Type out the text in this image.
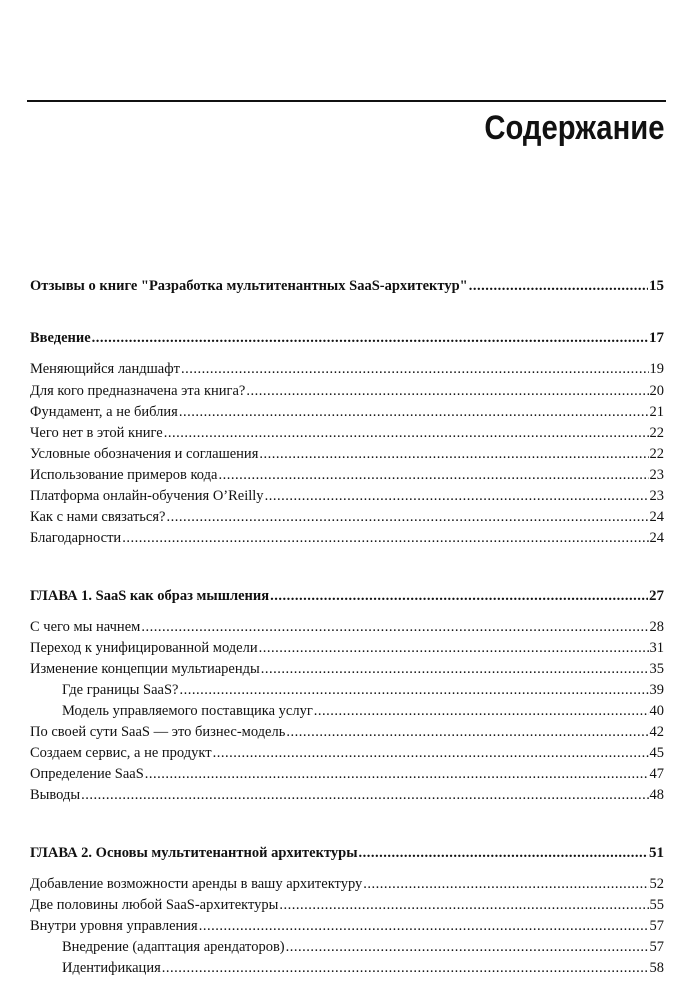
Содержание
Отзывы о книге "Разработка мультитенантных SaaS-архитектур" .....	15
Введение .....	17
Меняющийся ландшафт .....	19
Для кого предназначена эта книга? .....	20
Фундамент, а не библия .....	21
Чего нет в этой книге .....	22
Условные обозначения и соглашения .....	22
Использование примеров кода .....	23
Платформа онлайн-обучения O’Reilly .....	23
Как с нами связаться? .....	24
Благодарности .....	24
ГЛАВА 1. SaaS как образ мышления .....	27
С чего мы начнем .....	28
Переход к унифицированной модели .....	31
Изменение концепции мультиаренды .....	35
Где границы SaaS? .....	39
Модель управляемого поставщика услуг .....	40
По своей сути SaaS — это бизнес-модель .....	42
Создаем сервис, а не продукт .....	45
Определение SaaS .....	47
Выводы .....	48
ГЛАВА 2. Основы мультитенантной архитектуры .....	51
Добавление возможности аренды в вашу архитектуру .....	52
Две половины любой SaaS-архитектуры .....	55
Внутри уровня управления .....	57
Внедрение (адаптация арендаторов) .....	57
Идентификация .....	58
